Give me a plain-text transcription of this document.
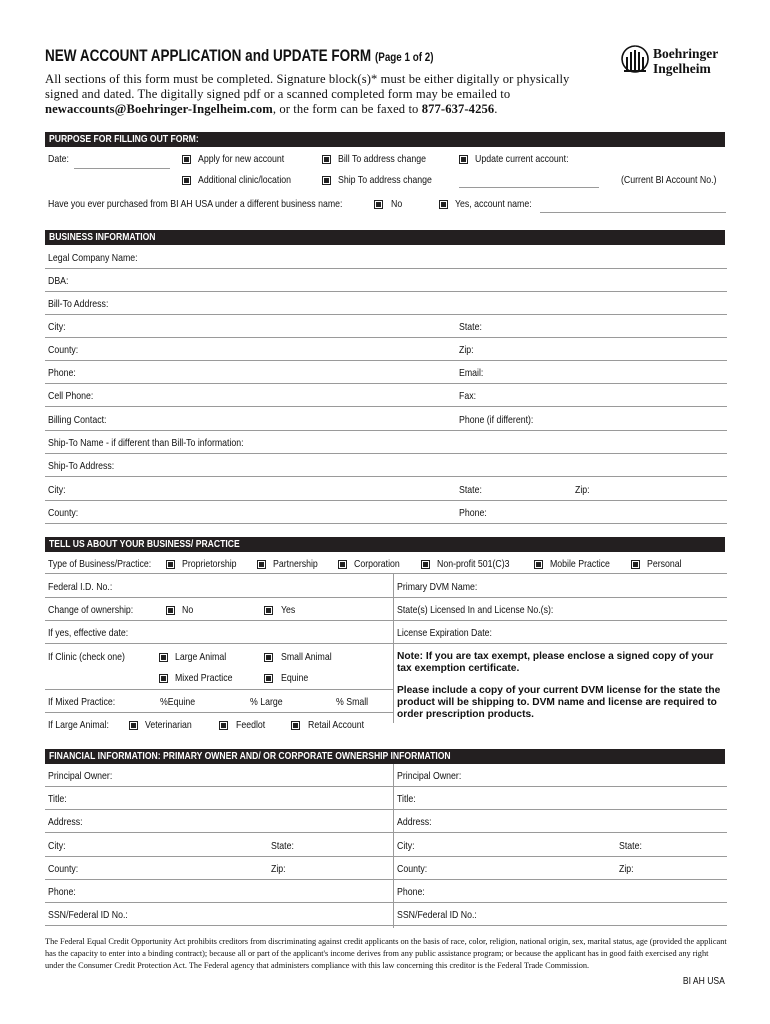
NEW ACCOUNT APPLICATION and UPDATE FORM (Page 1 of 2)
All sections of this form must be completed. Signature block(s)* must be either digitally or physically signed and dated. The digitally signed pdf or a scanned completed form may be emailed to newaccounts@Boehringer-Ingelheim.com, or the form can be faxed to 877-637-4256.
Boehringer
Ingelheim
PURPOSE FOR FILLING OUT FORM:
Date:	Apply for new account	Bill To address change	Update current account:
Additional clinic/location	Ship To address change	(Current BI Account No.)
Have you ever purchased from BI AH USA under a different business name:	No	Yes, account name:
BUSINESS INFORMATION
Legal Company Name:
DBA:
Bill-To Address:
City:	State:
County:	Zip:
Phone:	Email:
Cell Phone:	Fax:
Billing Contact:	Phone (if different):
Ship-To Name - if different than Bill-To information:
Ship-To Address:
City:	State:	Zip:
County:	Phone:
TELL US ABOUT YOUR BUSINESS/ PRACTICE
Type of Business/Practice:	Proprietorship	Partnership	Corporation	Non-profit 501(C)3	Mobile Practice	Personal
Federal I.D. No.:	Primary DVM Name:
Change of ownership:	No	Yes	State(s) Licensed In and License No.(s):
If yes, effective date:	License Expiration Date:
If Clinic (check one)	Large Animal	Small Animal
Mixed Practice	Equine
If Mixed Practice:	%Equine	% Large	% Small
If Large Animal:	Veterinarian	Feedlot	Retail Account
Note: If you are tax exempt, please enclose a signed copy of your tax exemption certificate.
Please include a copy of your current DVM license for the state the product will be shipping to. DVM name and license are required to order prescription products.
FINANCIAL INFORMATION: PRIMARY OWNER AND/ OR CORPORATE OWNERSHIP INFORMATION
Principal Owner:	Principal Owner:
Title:	Title:
Address:	Address:
City:	State:	City:	State:
County:	Zip:	County:	Zip:
Phone:	Phone:
SSN/Federal ID No.:	SSN/Federal ID No.:
The Federal Equal Credit Opportunity Act prohibits creditors from discriminating against credit applicants on the basis of race, color, religion, national origin, sex, marital status, age (provided the applicant has the capacity to enter into a binding contract); because all or part of the applicant's income derives from any public assistance program; or because the applicant has in good faith exercised any right under the Consumer Credit Protection Act. The Federal agency that administers compliance with this law concerning this creditor is the Federal Trade Commission.
BI AH USA
